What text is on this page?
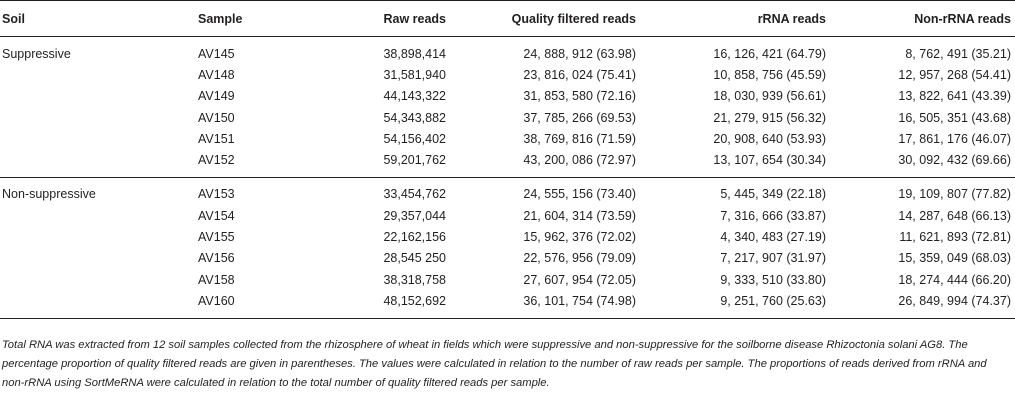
Soil	Sample	Raw reads	Quality filtered reads	rRNA reads	Non-rRNA reads
Suppressive	AV145	38,898,414	24, 888, 912 (63.98)	16, 126, 421 (64.79)	8, 762, 491 (35.21)
	AV148	31,581,940	23, 816, 024 (75.41)	10, 858, 756 (45.59)	12, 957, 268 (54.41)
	AV149	44,143,322	31, 853, 580 (72.16)	18, 030, 939 (56.61)	13, 822, 641 (43.39)
	AV150	54,343,882	37, 785, 266 (69.53)	21, 279, 915 (56.32)	16, 505, 351 (43.68)
	AV151	54,156,402	38, 769, 816 (71.59)	20, 908, 640 (53.93)	17, 861, 176 (46.07)
	AV152	59,201,762	43, 200, 086 (72.97)	13, 107, 654 (30.34)	30, 092, 432 (69.66)
Non-suppressive	AV153	33,454,762	24, 555, 156 (73.40)	5, 445, 349 (22.18)	19, 109, 807 (77.82)
	AV154	29,357,044	21, 604, 314 (73.59)	7, 316, 666 (33.87)	14, 287, 648 (66.13)
	AV155	22,162,156	15, 962, 376 (72.02)	4, 340, 483 (27.19)	11, 621, 893 (72.81)
	AV156	28,545 250	22, 576, 956 (79.09)	7, 217, 907 (31.97)	15, 359, 049 (68.03)
	AV158	38,318,758	27, 607, 954 (72.05)	9, 333, 510 (33.80)	18, 274, 444 (66.20)
	AV160	48,152,692	36, 101, 754 (74.98)	9, 251, 760 (25.63)	26, 849, 994 (74.37)
Total RNA was extracted from 12 soil samples collected from the rhizosphere of wheat in fields which were suppressive and non-suppressive for the soilborne disease Rhizoctonia solani AG8. The percentage proportion of quality filtered reads are given in parentheses. The values were calculated in relation to the number of raw reads per sample. The proportions of reads derived from rRNA and non-rRNA using SortMeRNA were calculated in relation to the total number of quality filtered reads per sample.
